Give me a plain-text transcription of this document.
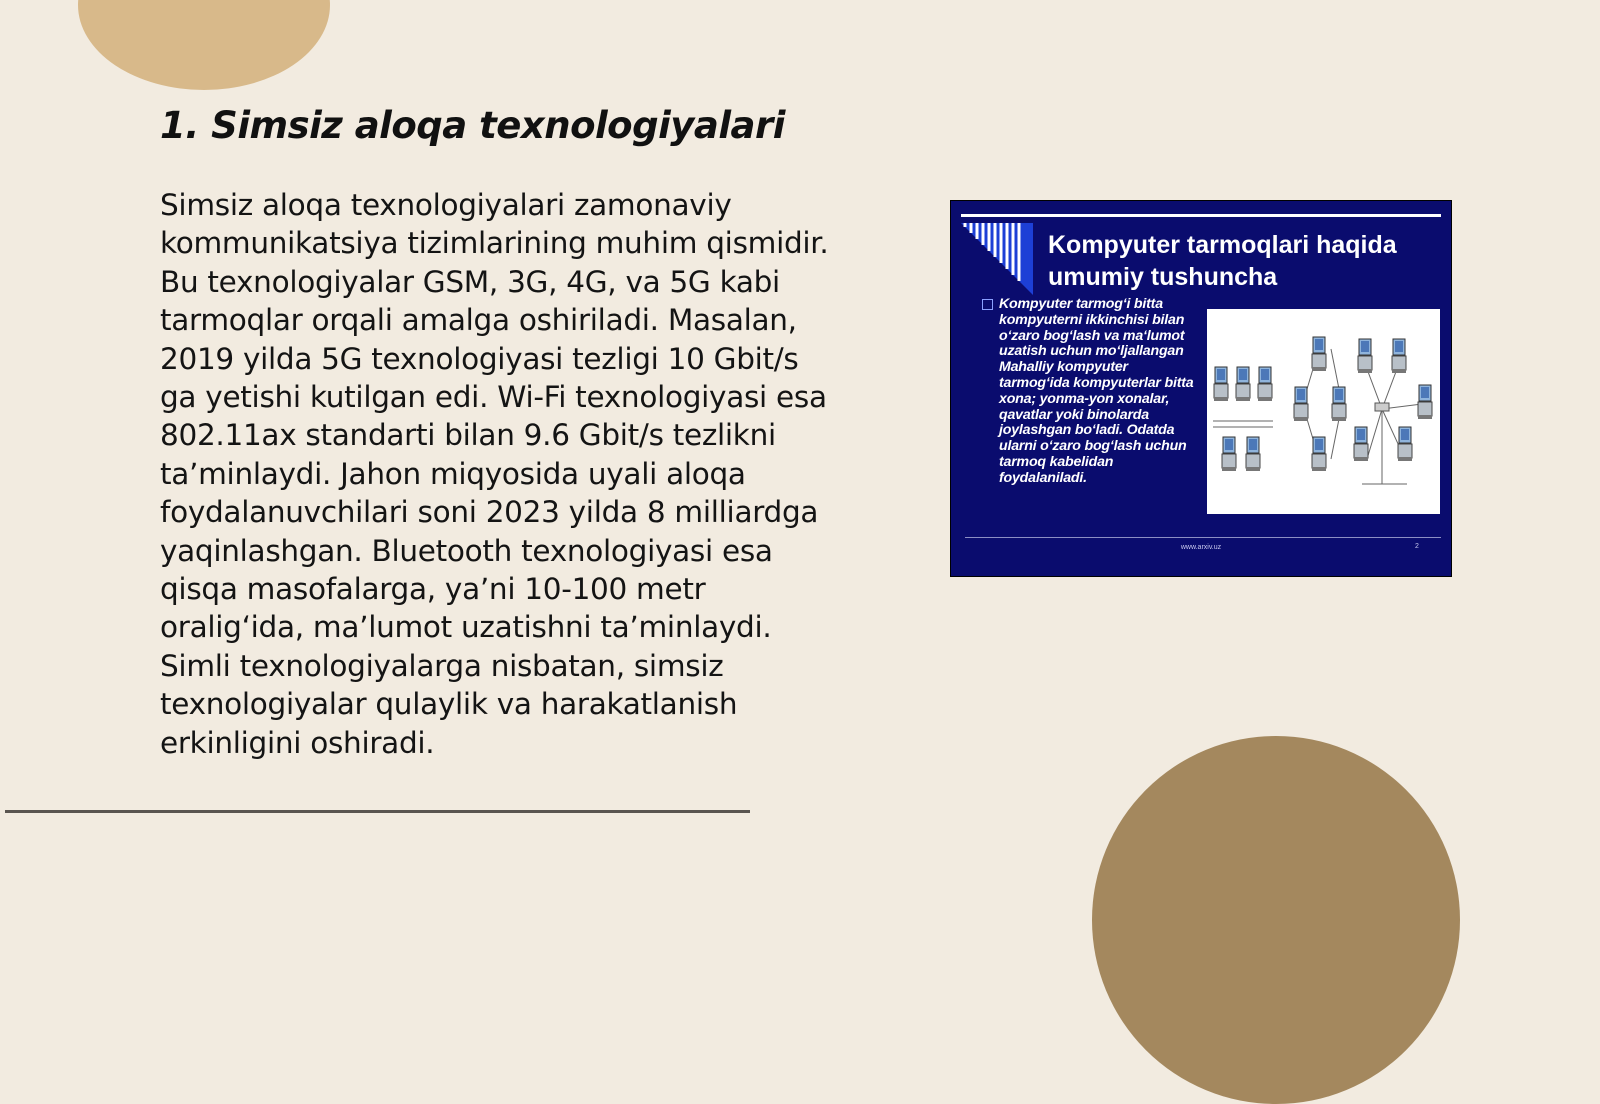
1. Simsiz aloqa texnologiyalari

Simsiz aloqa texnologiyalari zamonaviy kommunikatsiya tizimlarining muhim qismidir. Bu texnologiyalar GSM, 3G, 4G, va 5G kabi tarmoqlar orqali amalga oshiriladi. Masalan, 2019 yilda 5G texnologiyasi tezligi 10 Gbit/s ga yetishi kutilgan edi. Wi-Fi texnologiyasi esa 802.11ax standarti bilan 9.6 Gbit/s tezlikni ta’minlaydi. Jahon miqyosida uyali aloqa foydalanuvchilari soni 2023 yilda 8 milliardga yaqinlashgan. Bluetooth texnologiyasi esa qisqa masofalarga, ya’ni 10-100 metr oralig‘ida, ma’lumot uzatishni ta’minlaydi. Simli texnologiyalarga nisbatan, simsiz texnologiyalar qulaylik va harakatlanish erkinligini oshiradi.

Kompyuter tarmoqlari haqida umumiy tushuncha

Kompyuter tarmog‘i bitta kompyuterni ikkinchisi bilan o‘zaro bog‘lash va ma‘lumot uzatish uchun mo‘ljallangan Mahalliy kompyuter tarmog‘ida kompyuterlar bitta xona; yonma-yon xonalar, qavatlar yoki binolarda joylashgan bo‘ladi. Odatda ularni o‘zaro bog‘lash uchun tarmoq kabelidan foydalaniladi.

www.arxiv.uz	2
